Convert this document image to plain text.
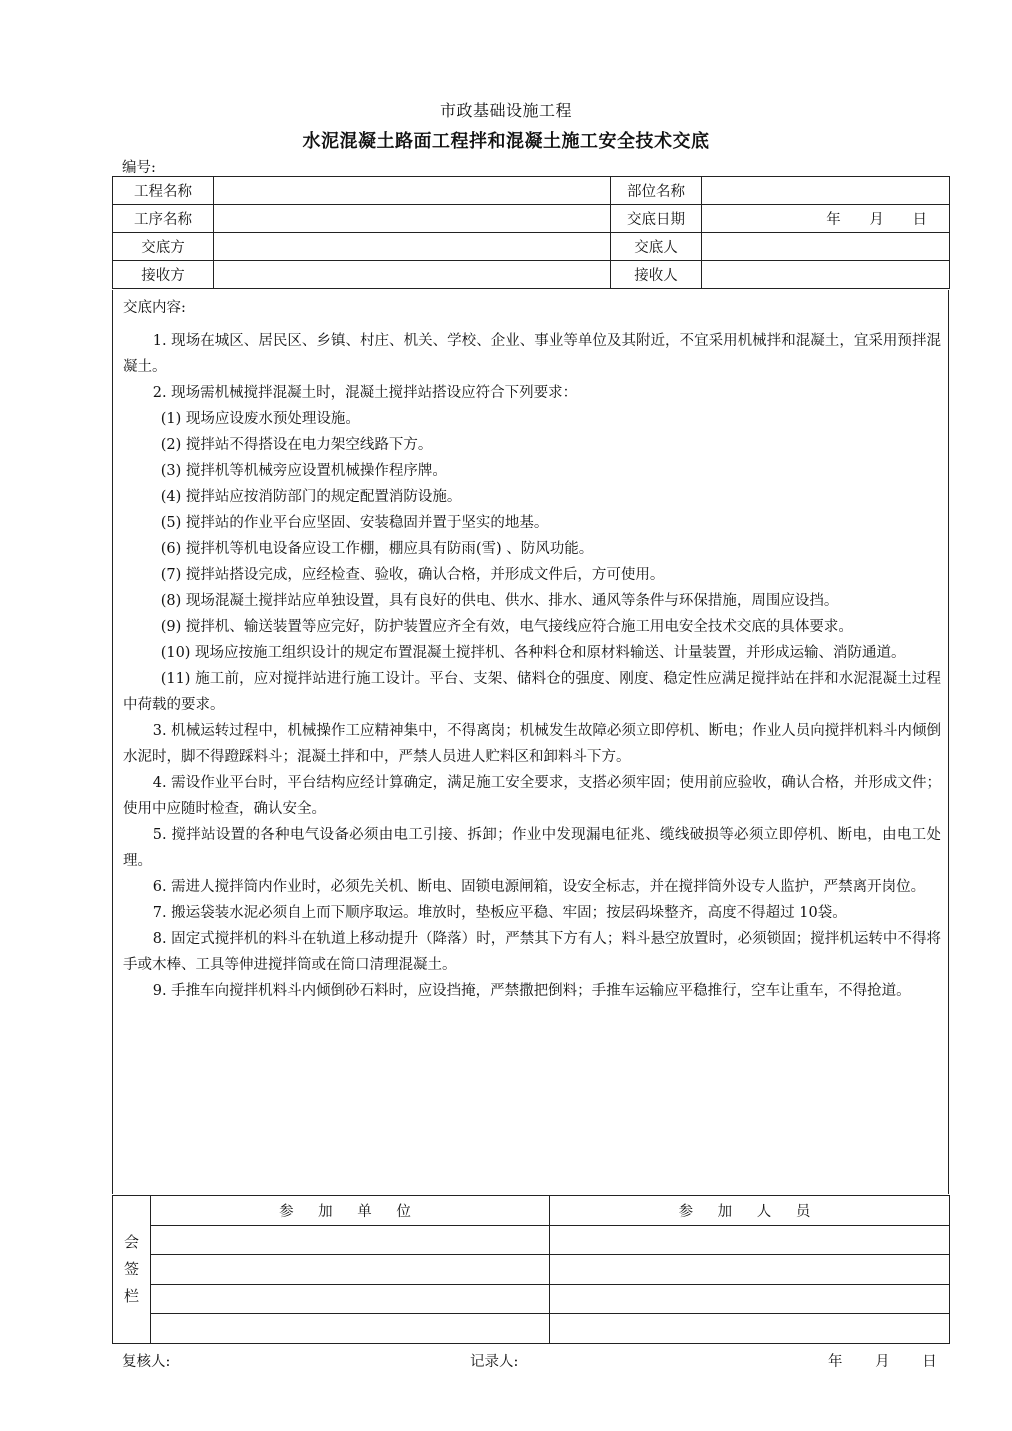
市政基础设施工程
水泥混凝土路面工程拌和混凝土施工安全技术交底
编号:
工程名称		部位名称	
工序名称		交底日期	年 月 日
交底方		交底人	
接收方		接收人	
交底内容:

1. 现场在城区、居民区、乡镇、村庄、机关、学校、企业、事业等单位及其附近，不宜采用机械拌和混凝土，宜采用预拌混凝土。

2. 现场需机械搅拌混凝土时，混凝土搅拌站搭设应符合下列要求：

(1) 现场应设废水预处理设施。

(2) 搅拌站不得搭设在电力架空线路下方。

(3) 搅拌机等机械旁应设置机械操作程序牌。

(4) 搅拌站应按消防部门的规定配置消防设施。

(5) 搅拌站的作业平台应坚固、安装稳固并置于坚实的地基。

(6) 搅拌机等机电设备应设工作棚，棚应具有防雨(雪) 、防风功能。

(7) 搅拌站搭设完成，应经检查、验收，确认合格，并形成文件后，方可使用。

(8) 现场混凝土搅拌站应单独设置，具有良好的供电、供水、排水、通风等条件与环保措施，周围应设挡。

(9) 搅拌机、输送装置等应完好，防护装置应齐全有效，电气接线应符合施工用电安全技术交底的具体要求。

(10) 现场应按施工组织设计的规定布置混凝土搅拌机、各种料仓和原材料输送、计量装置，并形成运输、消防通道。

(11) 施工前，应对搅拌站进行施工设计。平台、支架、储料仓的强度、刚度、稳定性应满足搅拌站在拌和水泥混凝土过程中荷载的要求。

3. 机械运转过程中，机械操作工应精神集中，不得离岗；机械发生故障必须立即停机、断电；作业人员向搅拌机料斗内倾倒水泥时，脚不得蹬踩料斗；混凝土拌和中，严禁人员进人贮料区和卸料斗下方。

4. 需设作业平台时，平台结构应经计算确定，满足施工安全要求，支搭必须牢固；使用前应验收，确认合格，并形成文件；使用中应随时检查，确认安全。

5. 搅拌站设置的各种电气设备必须由电工引接、拆卸；作业中发现漏电征兆、缆线破损等必须立即停机、断电，由电工处理。

6. 需进人搅拌筒内作业时，必须先关机、断电、固锁电源闸箱，设安全标志，并在搅拌筒外设专人监护，严禁离开岗位。

7. 搬运袋装水泥必须自上而下顺序取运。堆放时，垫板应平稳、牢固；按层码垛整齐，高度不得超过 10袋。

8. 固定式搅拌机的料斗在轨道上移动提升（降落）时，严禁其下方有人；料斗悬空放置时，必须锁固；搅拌机运转中不得将手或木棒、工具等伸进搅拌筒或在筒口清理混凝土。

9. 手推车向搅拌机料斗内倾倒砂石料时，应设挡掩，严禁撒把倒料；手推车运输应平稳推行，空车让重车，不得抢道。

会
签
栏	参 加 单 位	参 加 人 员

复核人:	记录人:	年 月 日
